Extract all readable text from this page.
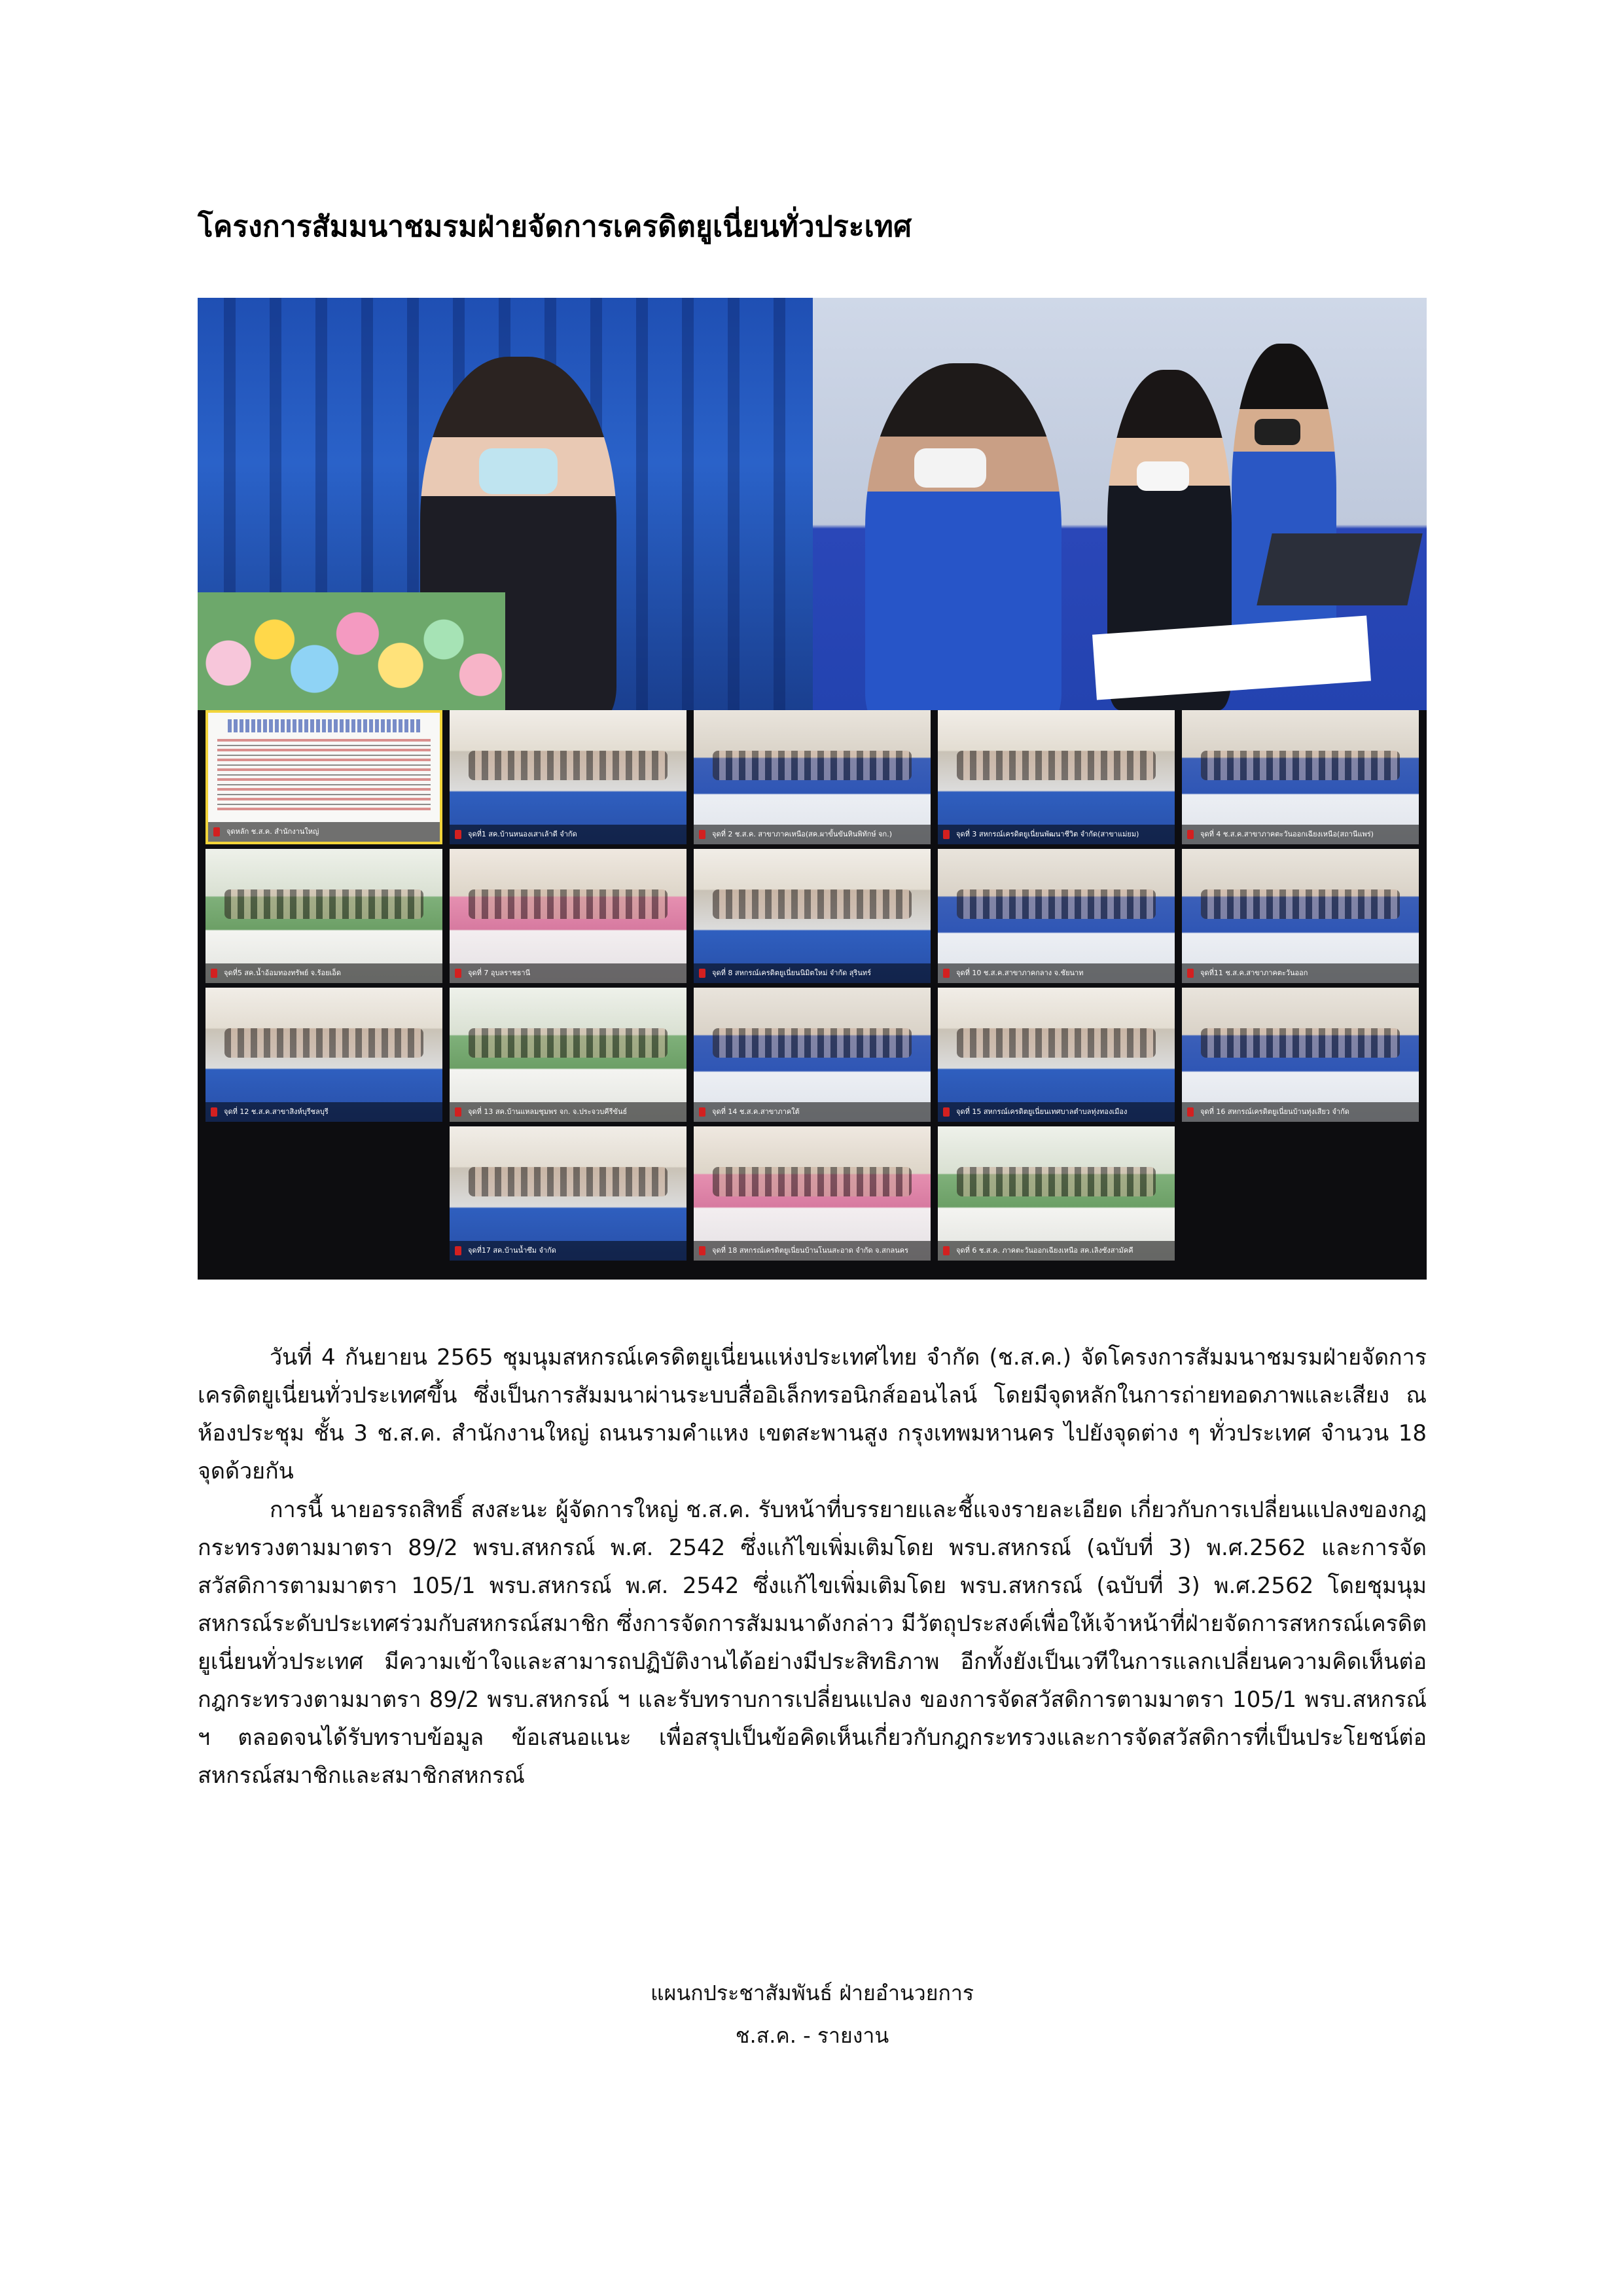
โครงการสัมมนาชมรมฝ่ายจัดการเครดิตยูเนี่ยนทั่วประเทศ
จุดหลัก ช.ส.ค. สำนักงานใหญ่	จุดที่1 สค.บ้านหนองเสาเล้าดี จำกัด	จุดที่ 2 ช.ส.ค. สาขาภาคเหนือ(สค.ผาขั้นขันหินพิทักษ์ จก.)	จุดที่ 3 สหกรณ์เครดิตยูเนี่ยนพัฒนาชีวิต จำกัด(สาขาแม่ยม)	จุดที่ 4 ช.ส.ค.สาขาภาคตะวันออกเฉียงเหนือ(สถานีแพร่)
จุดที่5 สค.น้ำอ้อมทองทรัพย์ จ.ร้อยเอ็ด	จุดที่ 7 อุบลราชธานี	จุดที่ 8 สหกรณ์เครดิตยูเนี่ยนนิมิตใหม่ จำกัด สุรินทร์	จุดที่ 10 ช.ส.ค.สาขาภาคกลาง จ.ชัยนาท	จุดที่11 ช.ส.ค.สาขาภาคตะวันออก
จุดที่ 12 ช.ส.ค.สาขาสิงห์บุรีชลบุรี	จุดที่ 13 สค.บ้านแหลมชุมพร จก. จ.ประจวบคีรีขันธ์	จุดที่ 14 ช.ส.ค.สาขาภาคใต้	จุดที่ 15 สหกรณ์เครดิตยูเนี่ยนเทศบาลตำบลทุ่งทองเมือง	จุดที่ 16 สหกรณ์เครดิตยูเนี่ยนบ้านทุ่งเสียว จำกัด
จุดที่17 สค.บ้านน้ำซึม จำกัด	จุดที่ 18 สหกรณ์เครดิตยูเนี่ยนบ้านโนนสะอาด จำกัด จ.สกลนคร	จุดที่ 6 ช.ส.ค. ภาคตะวันออกเฉียงเหนือ สค.เลิงซังสามัคคี

วันที่ 4 กันยายน 2565 ชุมนุมสหกรณ์เครดิตยูเนี่ยนแห่งประเทศไทย จำกัด (ช.ส.ค.) จัดโครงการสัมมนาชมรมฝ่ายจัดการเครดิตยูเนี่ยนทั่วประเทศขึ้น ซึ่งเป็นการสัมมนาผ่านระบบสื่ออิเล็กทรอนิกส์ออนไลน์ โดยมีจุดหลักในการถ่ายทอดภาพและเสียง ณ ห้องประชุม ชั้น 3 ช.ส.ค. สำนักงานใหญ่ ถนนรามคำแหง เขตสะพานสูง กรุงเทพมหานคร ไปยังจุดต่าง ๆ ทั่วประเทศ จำนวน 18 จุดด้วยกัน

การนี้ นายอรรถสิทธิ์ สงสะนะ ผู้จัดการใหญ่ ช.ส.ค. รับหน้าที่บรรยายและชี้แจงรายละเอียด เกี่ยวกับการเปลี่ยนแปลงของกฎกระทรวงตามมาตรา 89/2 พรบ.สหกรณ์ พ.ศ. 2542 ซึ่งแก้ไขเพิ่มเติมโดย พรบ.สหกรณ์ (ฉบับที่ 3) พ.ศ.2562 และการจัดสวัสดิการตามมาตรา 105/1 พรบ.สหกรณ์ พ.ศ. 2542 ซึ่งแก้ไขเพิ่มเติมโดย พรบ.สหกรณ์ (ฉบับที่ 3) พ.ศ.2562 โดยชุมนุมสหกรณ์ระดับประเทศร่วมกับสหกรณ์สมาชิก ซึ่งการจัดการสัมมนาดังกล่าว มีวัตถุประสงค์เพื่อให้เจ้าหน้าที่ฝ่ายจัดการสหกรณ์เครดิตยูเนี่ยนทั่วประเทศ มีความเข้าใจและสามารถปฏิบัติงานได้อย่างมีประสิทธิภาพ อีกทั้งยังเป็นเวทีในการแลกเปลี่ยนความคิดเห็นต่อกฎกระทรวงตามมาตรา 89/2 พรบ.สหกรณ์ ฯ และรับทราบการเปลี่ยนแปลง ของการจัดสวัสดิการตามมาตรา 105/1 พรบ.สหกรณ์ ฯ ตลอดจนได้รับทราบข้อมูล ข้อเสนอแนะ เพื่อสรุปเป็นข้อคิดเห็นเกี่ยวกับกฎกระทรวงและการจัดสวัสดิการที่เป็นประโยชน์ต่อสหกรณ์สมาชิกและสมาชิกสหกรณ์

แผนกประชาสัมพันธ์ ฝ่ายอำนวยการ
ช.ส.ค. - รายงาน
